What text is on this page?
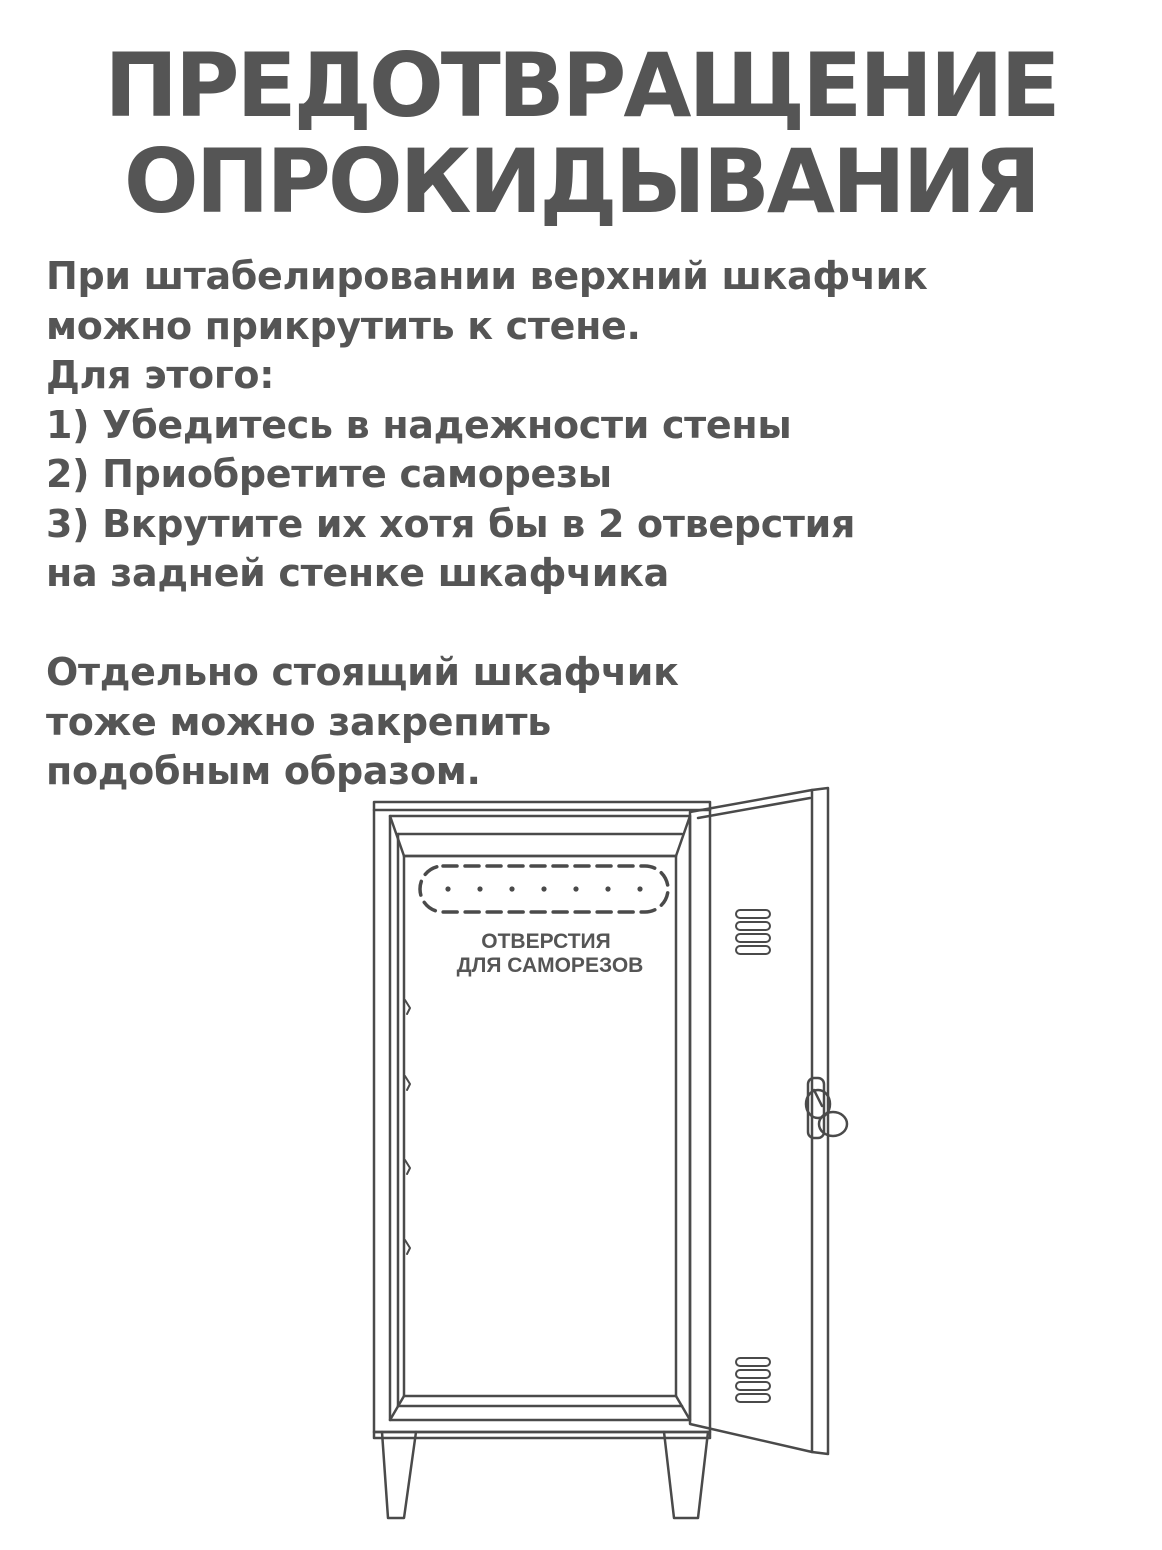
ПРЕДОТВРАЩЕНИЕ
ОПРОКИДЫВАНИЯ
При штабелировании верхний шкафчик
можно прикрутить к стене.
Для этого:
1) Убедитесь в надежности стены
2) Приобретите саморезы
3) Вкрутите их хотя бы в 2 отверстия
на задней стенке шкафчика
Отдельно стоящий шкафчик
тоже можно закрепить
подобным образом.
ОТВЕРСТИЯ
ДЛЯ САМОРЕЗОВ
